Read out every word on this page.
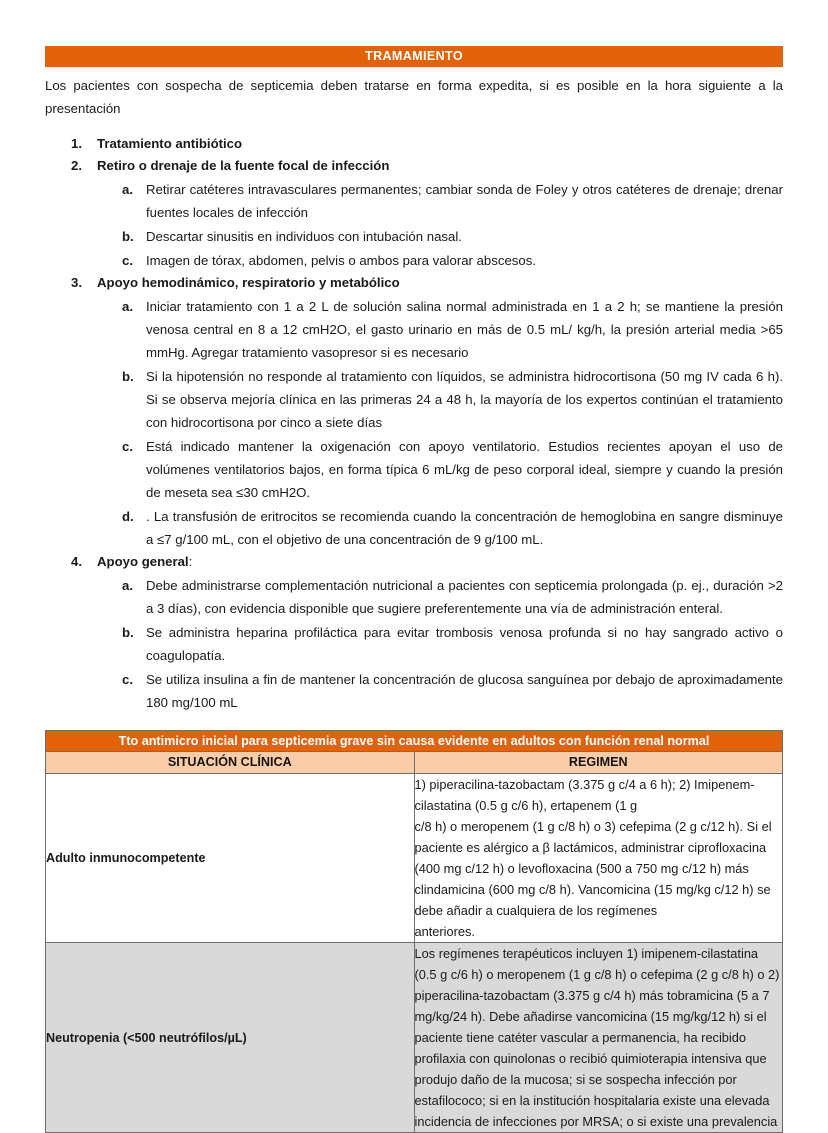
TRAMAMIENTO

Los pacientes con sospecha de septicemia deben tratarse en forma expedita, si es posible en la hora siguiente a la presentación

1.	Tratamiento antibiótico
2.	Retiro o drenaje de la fuente focal de infección
a. Retirar catéteres intravasculares permanentes; cambiar sonda de Foley y otros catéteres de drenaje; drenar fuentes locales de infección
b. Descartar sinusitis en individuos con intubación nasal.
c. Imagen de tórax, abdomen, pelvis o ambos para valorar abscesos.
3.	Apoyo hemodinámico, respiratorio y metabólico
a. Iniciar tratamiento con 1 a 2 L de solución salina normal administrada en 1 a 2 h; se mantiene la presión venosa central en 8 a 12 cmH2O, el gasto urinario en más de 0.5 mL/ kg/h, la presión arterial media >65 mmHg. Agregar tratamiento vasopresor si es necesario
b. Si la hipotensión no responde al tratamiento con líquidos, se administra hidrocortisona (50 mg IV cada 6 h). Si se observa mejoría clínica en las primeras 24 a 48 h, la mayoría de los expertos continúan el tratamiento con hidrocortisona por cinco a siete días
c. Está indicado mantener la oxigenación con apoyo ventilatorio. Estudios recientes apoyan el uso de volúmenes ventilatorios bajos, en forma típica 6 mL/kg de peso corporal ideal, siempre y cuando la presión de meseta sea ≤30 cmH2O.
d. . La transfusión de eritrocitos se recomienda cuando la concentración de hemoglobina en sangre disminuye a ≤7 g/100 mL, con el objetivo de una concentración de 9 g/100 mL.
4.	Apoyo general:
a. Debe administrarse complementación nutricional a pacientes con septicemia prolongada (p. ej., duración >2 a 3 días), con evidencia disponible que sugiere preferentemente una vía de administración enteral.
b. Se administra heparina profiláctica para evitar trombosis venosa profunda si no hay sangrado activo o coagulopatía.
c. Se utiliza insulina a fin de mantener la concentración de glucosa sanguínea por debajo de aproximadamente 180 mg/100 mL
Tto antimicro inicial para septicemia grave sin causa evidente en adultos con función renal normal	
SITUACIÓN CLÍNICA	REGIMEN
Adulto inmunocompetente	1) piperacilina-tazobactam (3.375 g c/4 a 6 h); 2) Imipenem-cilastatina (0.5 g c/6 h), ertapenem (1 g
c/8 h) o meropenem (1 g c/8 h) o 3) cefepima (2 g c/12 h). Si el paciente es alérgico a β lactámicos, administrar ciprofloxacina (400 mg c/12 h) o levofloxacina (500 a 750 mg c/12 h) más clindamicina (600 mg c/8 h). Vancomicina (15 mg/kg c/12 h) se debe añadir a cualquiera de los regímenes
anteriores.
Neutropenia (<500 neutrófilos/µL)	Los regímenes terapéuticos incluyen 1) imipenem-cilastatina (0.5 g c/6 h) o meropenem (1 g c/8 h) o cefepima (2 g c/8 h) o 2) piperacilina-tazobactam (3.375 g c/4 h) más tobramicina (5 a 7 mg/kg/24 h). Debe añadirse vancomicina (15 mg/kg/12 h) si el paciente tiene catéter vascular a permanencia, ha recibido profilaxia con quinolonas o recibió quimioterapia intensiva que produjo daño de la mucosa; si se sospecha infección por estafilococo; si en la institución hospitalaria existe una elevada incidencia de infecciones por MRSA; o si existe una prevalencia
